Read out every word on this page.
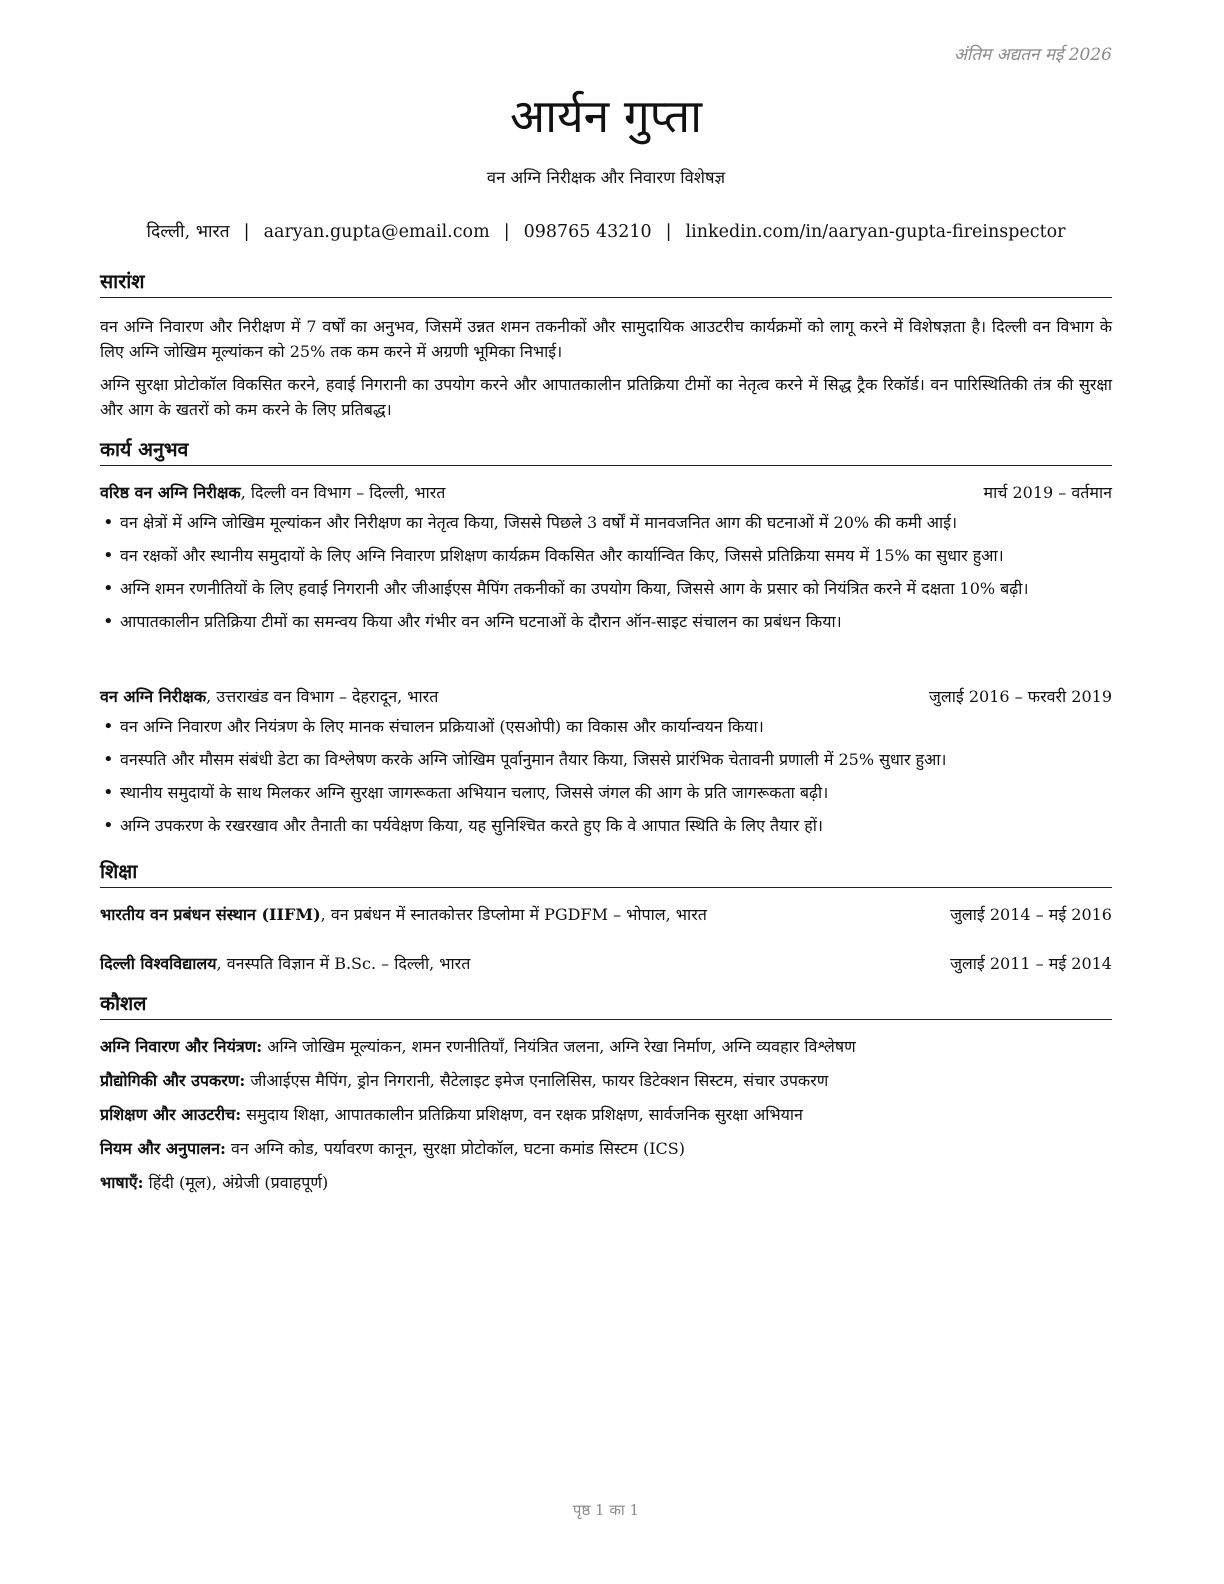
अंतिम अद्यतन मई 2026
आर्यन गुप्ता
वन अग्नि निरीक्षक और निवारण विशेषज्ञ
दिल्ली, भारत | aaryan.gupta@email.com | 098765 43210 | linkedin.com/in/aaryan-gupta-fireinspector
सारांश
वन अग्नि निवारण और निरीक्षण में 7 वर्षों का अनुभव, जिसमें उन्नत शमन तकनीकों और सामुदायिक आउटरीच कार्यक्रमों को लागू करने में विशेषज्ञता है। दिल्ली वन विभाग के लिए अग्नि जोखिम मूल्यांकन को 25% तक कम करने में अग्रणी भूमिका निभाई।
अग्नि सुरक्षा प्रोटोकॉल विकसित करने, हवाई निगरानी का उपयोग करने और आपातकालीन प्रतिक्रिया टीमों का नेतृत्व करने में सिद्ध ट्रैक रिकॉर्ड। वन पारिस्थितिकी तंत्र की सुरक्षा और आग के खतरों को कम करने के लिए प्रतिबद्ध।
कार्य अनुभव
वरिष्ठ वन अग्नि निरीक्षक, दिल्ली वन विभाग – दिल्ली, भारत	मार्च 2019 – वर्तमान
• वन क्षेत्रों में अग्नि जोखिम मूल्यांकन और निरीक्षण का नेतृत्व किया, जिससे पिछले 3 वर्षों में मानवजनित आग की घटनाओं में 20% की कमी आई।
• वन रक्षकों और स्थानीय समुदायों के लिए अग्नि निवारण प्रशिक्षण कार्यक्रम विकसित और कार्यान्वित किए, जिससे प्रतिक्रिया समय में 15% का सुधार हुआ।
• अग्नि शमन रणनीतियों के लिए हवाई निगरानी और जीआईएस मैपिंग तकनीकों का उपयोग किया, जिससे आग के प्रसार को नियंत्रित करने में दक्षता 10% बढ़ी।
• आपातकालीन प्रतिक्रिया टीमों का समन्वय किया और गंभीर वन अग्नि घटनाओं के दौरान ऑन-साइट संचालन का प्रबंधन किया।
वन अग्नि निरीक्षक, उत्तराखंड वन विभाग – देहरादून, भारत	जुलाई 2016 – फरवरी 2019
• वन अग्नि निवारण और नियंत्रण के लिए मानक संचालन प्रक्रियाओं (एसओपी) का विकास और कार्यान्वयन किया।
• वनस्पति और मौसम संबंधी डेटा का विश्लेषण करके अग्नि जोखिम पूर्वानुमान तैयार किया, जिससे प्रारंभिक चेतावनी प्रणाली में 25% सुधार हुआ।
• स्थानीय समुदायों के साथ मिलकर अग्नि सुरक्षा जागरूकता अभियान चलाए, जिससे जंगल की आग के प्रति जागरूकता बढ़ी।
• अग्नि उपकरण के रखरखाव और तैनाती का पर्यवेक्षण किया, यह सुनिश्चित करते हुए कि वे आपात स्थिति के लिए तैयार हों।
शिक्षा
भारतीय वन प्रबंधन संस्थान (IIFM), वन प्रबंधन में स्नातकोत्तर डिप्लोमा में PGDFM – भोपाल, भारत	जुलाई 2014 – मई 2016
दिल्ली विश्वविद्यालय, वनस्पति विज्ञान में B.Sc. – दिल्ली, भारत	जुलाई 2011 – मई 2014
कौशल
अग्नि निवारण और नियंत्रण: अग्नि जोखिम मूल्यांकन, शमन रणनीतियाँ, नियंत्रित जलना, अग्नि रेखा निर्माण, अग्नि व्यवहार विश्लेषण
प्रौद्योगिकी और उपकरण: जीआईएस मैपिंग, ड्रोन निगरानी, सैटेलाइट इमेज एनालिसिस, फायर डिटेक्शन सिस्टम, संचार उपकरण
प्रशिक्षण और आउटरीच: समुदाय शिक्षा, आपातकालीन प्रतिक्रिया प्रशिक्षण, वन रक्षक प्रशिक्षण, सार्वजनिक सुरक्षा अभियान
नियम और अनुपालन: वन अग्नि कोड, पर्यावरण कानून, सुरक्षा प्रोटोकॉल, घटना कमांड सिस्टम (ICS)
भाषाएँ: हिंदी (मूल), अंग्रेजी (प्रवाहपूर्ण)
पृष्ठ 1 का 1
